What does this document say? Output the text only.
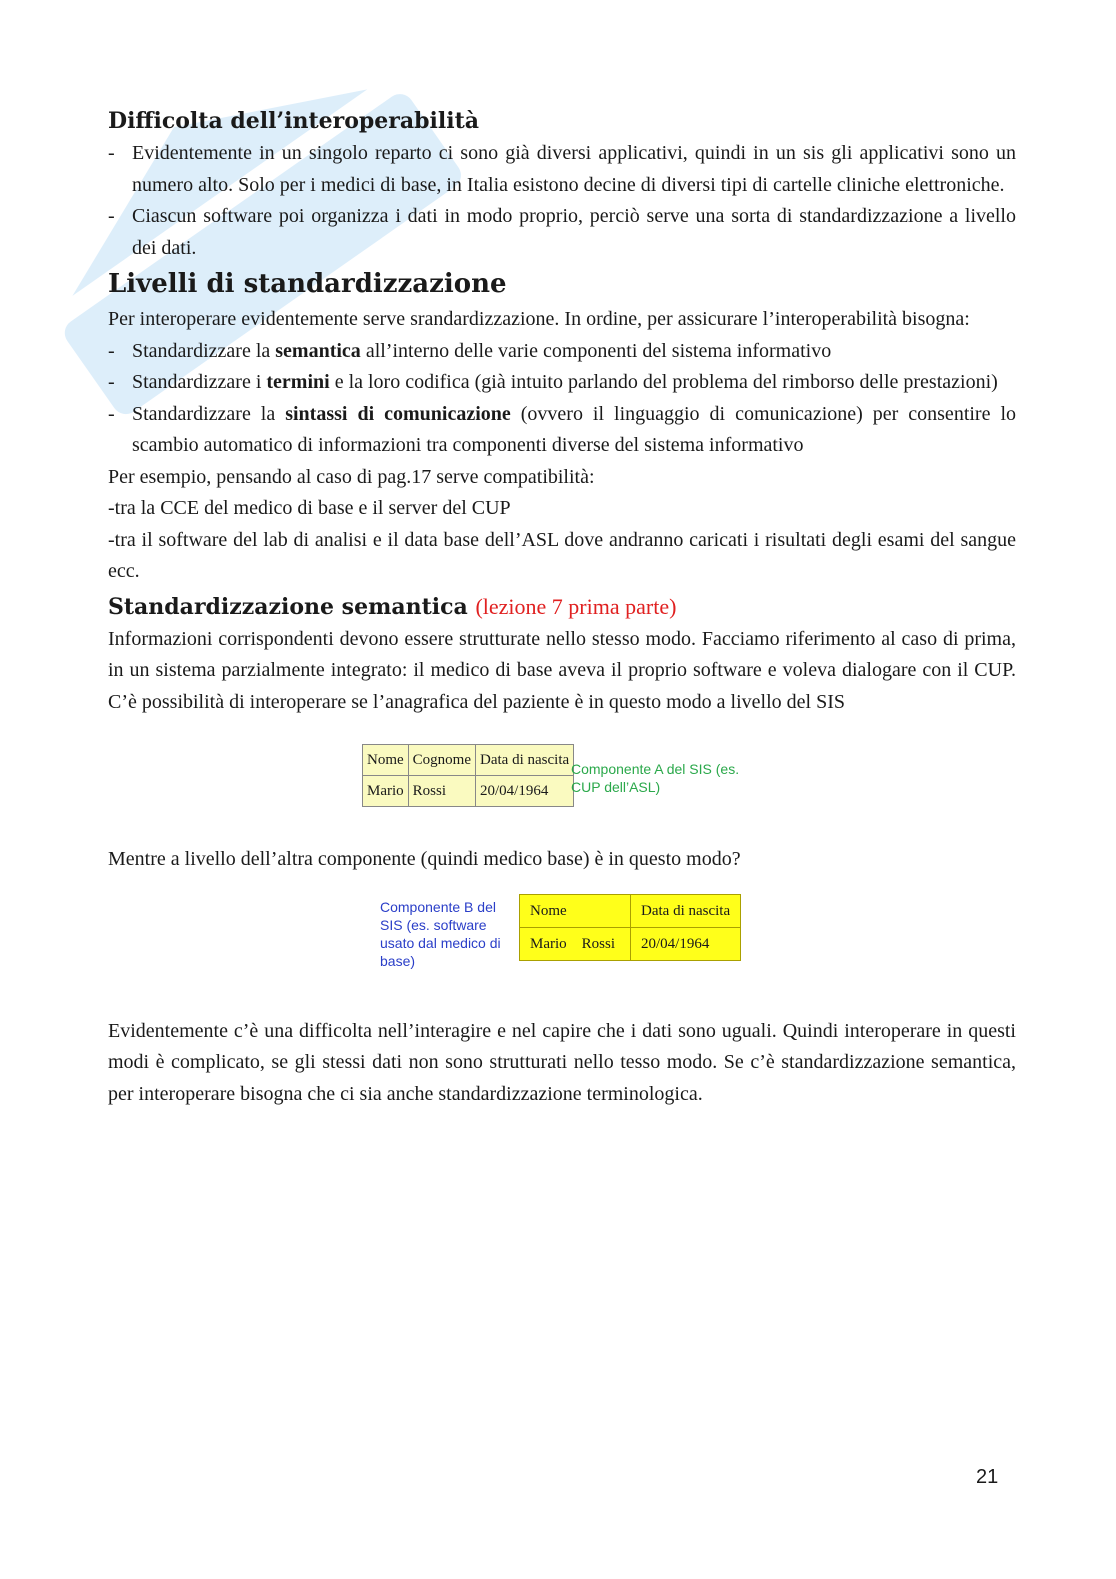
Difficolta dell’interoperabilità
- Evidentemente in un singolo reparto ci sono già diversi applicativi, quindi in un sis gli applicativi sono un numero alto. Solo per i medici di base, in Italia esistono decine di diversi tipi di cartelle cliniche elettroniche.
- Ciascun software poi organizza i dati in modo proprio, perciò serve una sorta di standardizzazione a livello dei dati.
Livelli di standardizzazione

Per interoperare evidentemente serve srandardizzazione. In ordine, per assicurare l’interoperabilità bisogna:

- Standardizzare la semantica all’interno delle varie componenti del sistema informativo
- Standardizzare i termini e la loro codifica (già intuito parlando del problema del rimborso delle prestazioni)
- Standardizzare la sintassi di comunicazione (ovvero il linguaggio di comunicazione) per consentire lo scambio automatico di informazioni tra componenti diverse del sistema informativo

Per esempio, pensando al caso di pag.17 serve compatibilità:

-tra la CCE del medico di base e il server del CUP

-tra il software del lab di analisi e il data base dell’ASL dove andranno caricati i risultati degli esami del sangue ecc.

Standardizzazione semantica (lezione 7 prima parte)

Informazioni corrispondenti devono essere strutturate nello stesso modo. Facciamo riferimento al caso di prima, in un sistema parzialmente integrato: il medico di base aveva il proprio software e voleva dialogare con il CUP. C’è possibilità di interoperare se l’anagrafica del paziente è in questo modo a livello del SIS

Nome	Cognome	Data di nascita
Mario	Rossi	20/04/1964
Componente A del SIS (es. CUP dell’ASL)

Mentre a livello dell’altra componente (quindi medico base) è in questo modo?

Componente B del SIS (es. software usato dal medico di base)
Nome	Data di nascita
Mario    Rossi	20/04/1964

Evidentemente c’è una difficolta nell’interagire e nel capire che i dati sono uguali. Quindi interoperare in questi modi è complicato, se gli stessi dati non sono strutturati nello tesso modo. Se c’è standardizzazione semantica, per interoperare bisogna che ci sia anche standardizzazione terminologica.

21
